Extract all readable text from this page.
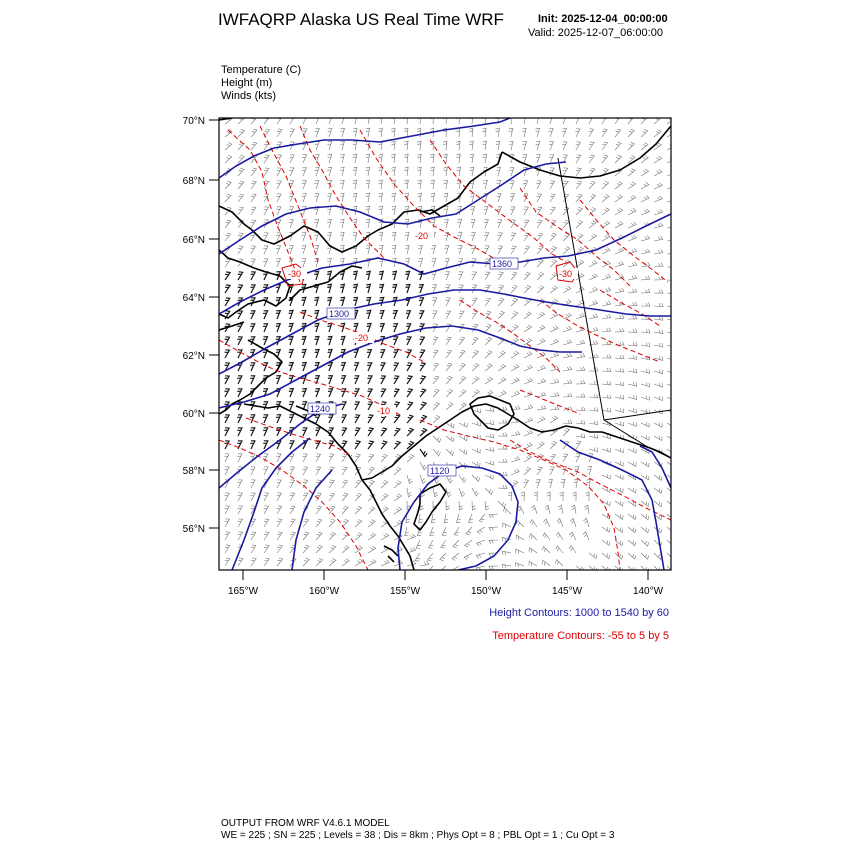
IWFAQRP Alaska US Real Time WRF	Init: 2025-12-04_00:00:00
Valid: 2025-12-07_06:00:00
Temperature (C)
Height (m)
Winds (kts)
70°N
68°N
66°N
64°N
62°N
60°N
58°N
56°N
165°W	160°W	155°W	150°W	145°W	140°W
1360
1300
1240
1120
-20
-30	-30
-20
-10
Height Contours: 1000 to 1540 by 60
Temperature Contours: -55 to 5 by 5
OUTPUT FROM WRF V4.6.1 MODEL
WE = 225 ; SN = 225 ; Levels = 38 ; Dis = 8km ; Phys Opt = 8 ; PBL Opt = 1 ; Cu Opt = 3
